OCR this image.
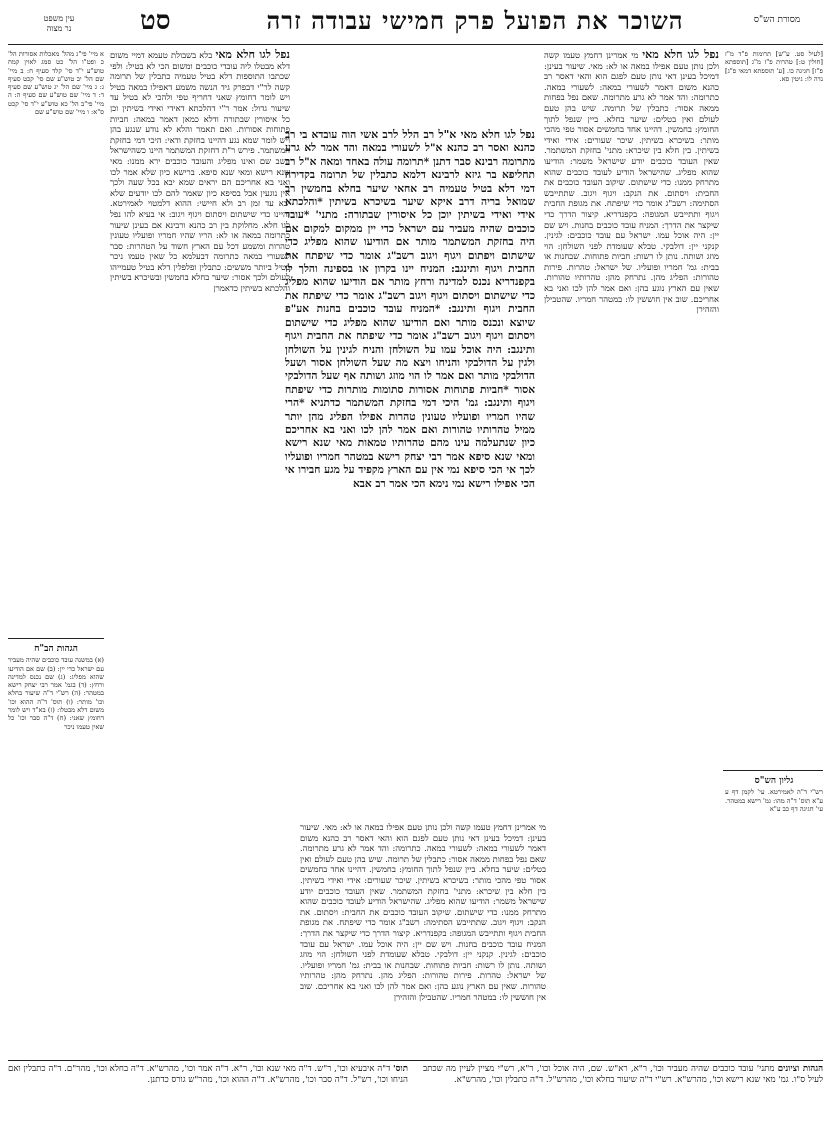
מסורת הש"ס
השוכר את הפועל פרק חמישי עבודה זרה
סט
עין משפט
נר מצוה

[לעיל סט. ע"ש] תרומות פ"ד מ"ז [חולין ט:] טהרות פ"ז מ"ג [תוספתא פ"ז] חגיגה כו. [ע' תוספתא דמאי פ"ג] נדה לו: גיטין סא.

גליון הש"ס

רש"י ד"ה לאמירטא. עי' לקמן דף ע ע"א תוס' ד"ה מהו: גמ' רישא במטהר. עי' חגיגה דף כב ע"א

נפל לגו חלא מאי מי אמרינן דחמץ טעמו קשה ולכן נותן טעם אפילו במאה או לא: מאי. שיעור בעינן: דמיכל בעינן דאי נותן טעם לפגם הוא והאי דאסר רב כהנא משום דאמר לשעורי במאה: לשעורי במאה. כתרומה: והד אמר לא גרע מתרומה. שאם נפל בפחות ממאה אסור: כתבלין של תרומה. שיש בהן טעם לעולם ואין בטלים: שיער בחלא. ביין שנפל לתוך החומץ: בחמשין. דהיינו אחד בחמשים אסור טפי מהכי מותר: בשיכרא בשיתין. שיכר שעורים: אידי ואידי בשיתין. בין חלא בין שיכרא: מתני' בחזקת המשתמר. שאין העובד כוכבים יודע שישראל משמר: הודיעו שהוא מפליג. שהישראל הודיע לעובד כוכבים שהוא מתרחק ממנו: כדי שישתום. שיקוב העובד כוכבים את החבית: ויסתום. את הנקב: ויגוף ויגוב. שתתייבש הסתימה: רשב"ג אומר כדי שיפתח. את מגופת החבית ויגוף ותתייבש המגופה: בקפנדריא. קיצור הדרך כדי שיקצר את הדרך: המניח עובד כוכבים בחנות. ויש שם יין: היה אוכל עמו. ישראל עם עובד כוכבים: לגינין. קנקני יין: דולבקי. טבלא שעומדת לפני השולחן: הוי מוזג ושותה. נותן לו רשות: חביות פתוחות. שבחנות או בבית: גמ' חמריו ופועליו. של ישראל: טהרות. פירות טהורות: הפליג מהן. נתרחק מהן: טהרותיו טהורות. שאין עם הארץ נוגע בהן: ואם אמר להן לכו ואני בא אחריכם. שוב אין חוששין לו: במטהר חמריו. שהטבילן והזהירן

נפל לגו חלא מאי א"ל רב הלל לרב אשי הוה עובדא בי רב כהנא ואסר רב כהנא א"ל לשעורי במאה והד אמר לא גרע מתרומה רבינא סבר דתנן *תרומה עולה באחד ומאה א"ל רב תחליפא בר גיזא לרבינא דלמא כתבלין של תרומה בקדירה דמי דלא בטיל טעמיה רב אחאי שיער בחלא בחמשין רב שמואל בריה דרב איקא שיער בשיכרא בשיתין *והלכתא אידי ואידי בשיתין יוכן כל איסורין שבתורה: מתני' *עובד כוכבים שהיה מעביר עם ישראל כדי יין ממקום למקום אם היה בחזקת המשתמר מותר אם הודיעו שהוא מפליג כדי שישתום ויפתום ויגוף ויגוב רשב"ג אומר כדי שיפתח את החבית ויגוף ותינגב: המניח יינו בקרון או בספינה והלך לו בקפנדריא נכנס למדינה ורחץ מותר אם הודיעו שהוא מפליג כדי שישתום ויסתום ויגוף ויגוב רשב"ג אומר כדי שיפתח את החבית ויגוף ותינגב: *המניח עובד כוכבים בחנות אע"פ שיוצא ונכנס מותר ואם הודיעו שהוא מפליג כדי שישתום ויסתום ויגוף ויגוב רשב"ג אומר כדי שיפתח את החבית ויגוף ותינגב: היה אוכל עמו על השולחן והניח לגינין על השולחן ולגין על הדולבקי והניחו ויצא מה שעל השולחן אסור ושעל הדולבקי מותר ואם אמר לו הוי מוזג ושותה אף שעל הדולבקי אסור *חביות פתוחות אסורות סתומות מותרות כדי שיפתח ויגוף ותינגב: גמ' היכי דמי בחזקת המשתמר כדתניא *הרי שהיו חמריו ופועליו טעונין טהרות אפילו הפליג מהן יותר ממיל טהרותיו טהורות ואם אמר להן לכו ואני בא אחריכם כיון שנתעלמה עינו מהם טהרותיו טמאות מאי שנא רישא ומאי שנא סיפא אמר רבי יצחק רישא במטהר חמריו ופועליו לכך אי הכי סיפא נמי אין עם הארץ מקפיד על מגע חבירו אי הכי אפילו רישא נמי נימא הכי אמר רב אבא

נפל לגו חלא מאי בלא בשבולת טעמא דמיי משום דלא מבטלו ליה עובדי כוכבים ומשום הכי לא בטיל: ולפי שכתבו התוספות דלא בטיל טעמיה כתבלין של תרומה קשה לר"י דבפרק גיד הנשה משמע דאפילו במאה בטיל ויש לומר דחומץ שאני דחריף טפי ולהכי לא בטיל עד שיעור גדול: אמר ר"י דהלכתא דאידי ואידי בשיתין וכן כל איסורין שבתורה ודלא כמאן דאמר במאה: חביות פתוחות אסורות. ואם תאמר והלא לא נודע שנגע בהן ויש לומר שמא נגע דהיינו בחזקת ודאי: היכי דמי בחזקת המשתמר. פירש ר"ת דחזקת המשתמר היינו כשהישראל יושב שם ואינו מפליג והעובד כוכבים ירא ממנו: מאי שנא רישא ומאי שנא סיפא. ברישא כיון שלא אמר לכו ואני בא אחריכם הם יראים שמא יבא בכל שעה ולכך אין נוגעין אבל בסיפא כיון שאמר להם לכו יודעים שלא יבא עד זמן רב ולא חיישי: ההוא דלמטוי לאמירטא. והיינו כדי שישתום ויסתום ויגוף ויגוב: אי בעיא להו נפל לגו חלא. מחלוקת בין רב כהנא ורבינא אם בעינן שיעור כתרומה במאה או לא: הריו שהיו חמריו ופועליו טעונין טהרות ומשמע דכל עם הארץ חשוד על הטהרות: סבר לשעורי במאה כתרומה דבעלמא כל שאין טעמו ניכר בטיל ביותר מששים: כתבלין ופלפלין דלא בטיל טעמייהו לעולם ולכך אסור: שיער בחלא בחמשין ובשיכרא בשיתין והלכתא בשיתין כדאמרן

מי אמרינן דחמץ טעמו קשה ולכן נותן טעם אפילו במאה או לא: מאי. שיעור בעינן: דמיכל בעינן דאי נותן טעם לפגם הוא והאי דאסר רב כהנא משום דאמר לשעורי במאה: לשעורי במאה. כתרומה: והד אמר לא גרע מתרומה. שאם נפל בפחות ממאה אסור: כתבלין של תרומה. שיש בהן טעם לעולם ואין בטלים: שיער בחלא. ביין שנפל לתוך החומץ: בחמשין. דהיינו אחד בחמשים אסור טפי מהכי מותר: בשיכרא בשיתין. שיכר שעורים: אידי ואידי בשיתין. בין חלא בין שיכרא: מתני' בחזקת המשתמר. שאין העובד כוכבים יודע שישראל משמר: הודיעו שהוא מפליג. שהישראל הודיע לעובד כוכבים שהוא מתרחק ממנו: כדי שישתום. שיקוב העובד כוכבים את החבית: ויסתום. את הנקב: ויגוף ויגוב. שתתייבש הסתימה: רשב"ג אומר כדי שיפתח. את מגופת החבית ויגוף ותתייבש המגופה: בקפנדריא. קיצור הדרך כדי שיקצר את הדרך: המניח עובד כוכבים בחנות. ויש שם יין: היה אוכל עמו. ישראל עם עובד כוכבים: לגינין. קנקני יין: דולבקי. טבלא שעומדת לפני השולחן: הוי מוזג ושותה. נותן לו רשות: חביות פתוחות. שבחנות או בבית: גמ' חמריו ופועליו. של ישראל: טהרות. פירות טהורות: הפליג מהן. נתרחק מהן: טהרותיו טהורות. שאין עם הארץ נוגע בהן: ואם אמר להן לכו ואני בא אחריכם. שוב אין חוששין לו: במטהר חמריו. שהטבילן והזהירן

א מיי' פי"ג מהל' מאכלות אסורות הל' כ ופט"ו הל' כט סמג לאוין קמח טוש"ע י"ד סי' קלד סעיף ח: ב מיי' שם הל' יב טוש"ע שם סי' קכט סעיף ג: ג מיי' שם הל' יג טוש"ע שם סעיף ד: ד מיי' שם טוש"ע שם סעיף ה: ה מיי' פי"ב הל' כא טוש"ע י"ד סי' קכט ס"א: ו מיי' שם טוש"ע שם

הגהות הב"ח

(א) במשנה עובד כוכבים שהיה מעביר עם ישראל כדי יין: (ב) שם אם הודיעו שהוא מפליג: (ג) שם נכנס למדינה ורחץ: (ד) בגמ' אמר רבי יצחק רישא במטהר: (ה) רש"י ד"ה שיעור בחלא וכו' מותר: (ו) תוס' ד"ה ההוא וכו' משום דלא מבטלו: (ז) בא"ד ויש לומר דחומץ שאני: (ח) ד"ה סבר וכו' כל שאין טעמו ניכר

הגהות וציונים מתני' עובד כוכבים שהיה מעביר וכו', ר"א, רא"ש. שם, היה אוכל וכו', ר"א, רש"י מציין לעיין מה שכתב לעיל ס"ו. גמ' מאי שנא רישא וכו', מהרש"א. רש"י ד"ה שיעור בחלא וכו', מהרש"ל. ד"ה כתבלין וכו', מהרש"א.
תוס' ד"ה איבעיא וכו', ר"ש. ד"ה מאי שנא וכו', ר"א. ד"ה אמר וכו', מהרש"א. ד"ה בחלא וכו', מהר"ם. ד"ה כתבלין ואם הניחו וכו', רש"ל. ד"ה סבר וכו', מהרש"א. ד"ה ההוא וכו', מהר"ש גורס כדתנן.
